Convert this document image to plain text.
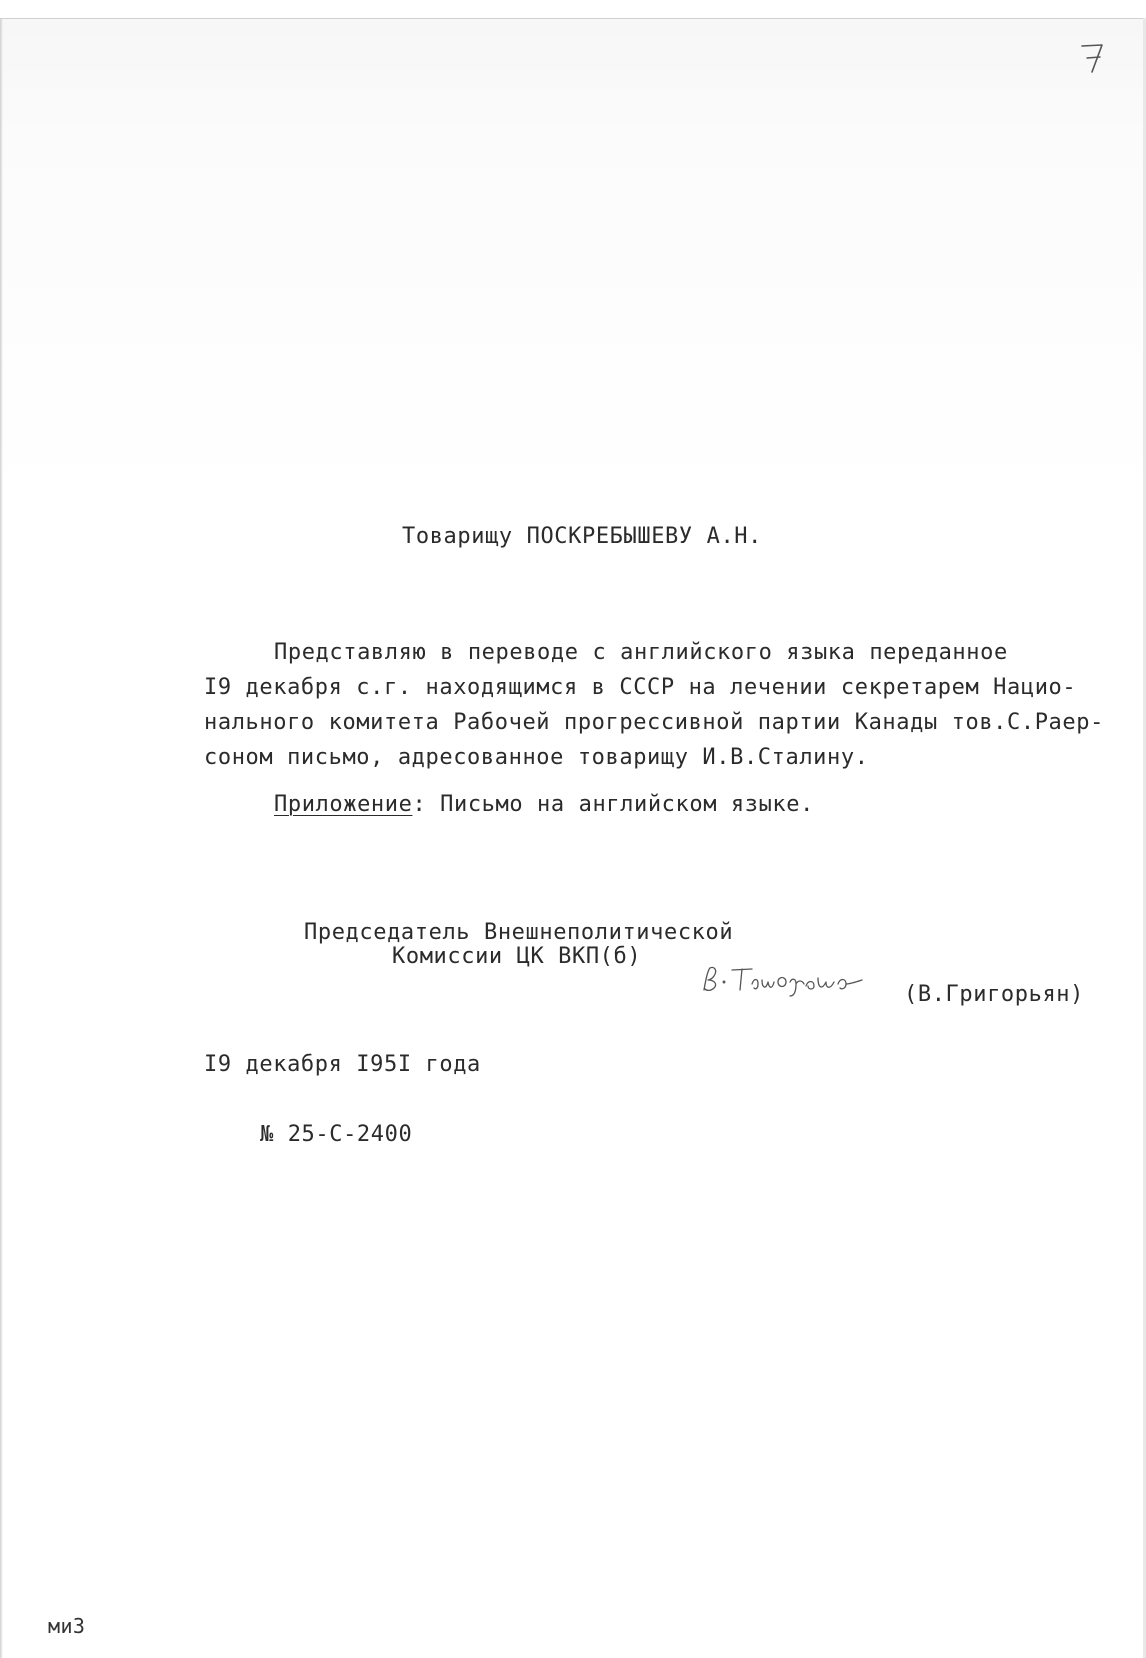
Товарищу ПОСКРЕБЫШЕВУ А.Н.
Представляю в переводе с английского языка переданное
I9 декабря с.г. находящимся в СССР на лечении секретарем Нацио-
нального комитета Рабочей прогрессивной партии Канады тов.С.Раер-
соном письмо, адресованное товарищу И.В.Сталину.
Приложение: Письмо на английском языке.
Председатель Внешнеполитической
Комиссии ЦК ВКП(б)
(В.Григорьян)
I9 декабря I95I года
№ 25-С-2400
миЗ
